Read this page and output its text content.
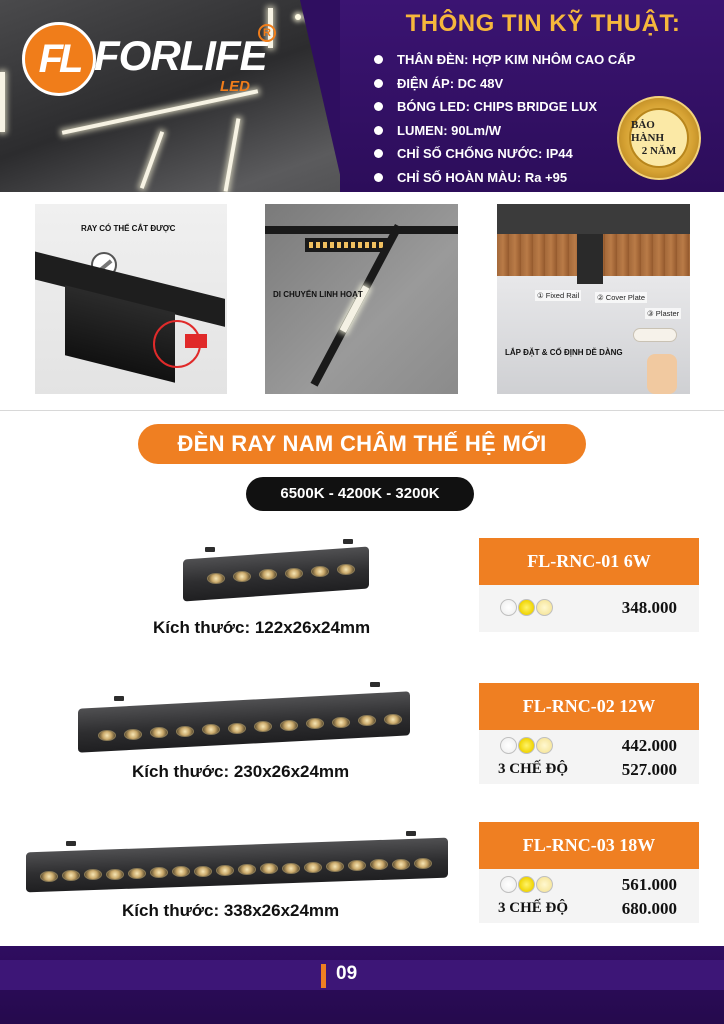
FL FORLIFE
R
LED
THÔNG TIN KỸ THUẬT:
THÂN ĐÈN: HỢP KIM NHÔM CAO CẤP
ĐIỆN ÁP: DC 48V
BÓNG LED: CHIPS BRIDGE LUX
LUMEN: 90Lm/W
CHỈ SỐ CHỐNG NƯỚC: IP44
CHỈ SỐ HOÀN MÀU: Ra +95
BẢO HÀNH
2 NĂM
RAY CÓ THỂ CẮT ĐƯỢC
DI CHUYỂN LINH HOẠT	① Fixed Rail ② Cover Plate
③ Plaster
LẮP ĐẶT & CỐ ĐỊNH DỄ DÀNG
ĐÈN RAY NAM CHÂM THẾ HỆ MỚI
6500K - 4200K - 3200K
Kích thước: 122x26x24mm
FL-RNC-01 6W
348.000
Kích thước: 230x26x24mm
FL-RNC-02 12W
442.000
3 CHẾ ĐỘ	527.000
Kích thước: 338x26x24mm
FL-RNC-03 18W
561.000
3 CHẾ ĐỘ	680.000
09
